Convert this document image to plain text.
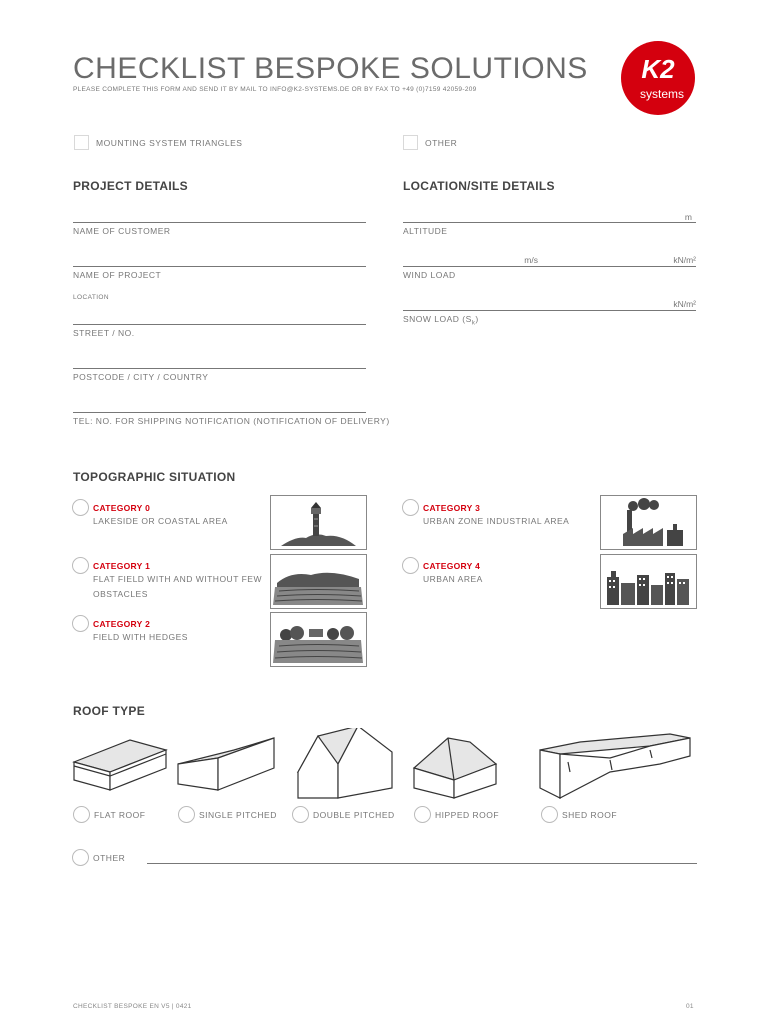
CHECKLIST BESPOKE SOLUTIONS
PLEASE COMPLETE THIS FORM AND SEND IT BY MAIL TO INFO@K2-SYSTEMS.DE OR BY FAX TO +49 (0)7159 42059-209
K2
systems
MOUNTING SYSTEM TRIANGLES	OTHER
PROJECT DETAILS
NAME OF CUSTOMER
NAME OF PROJECT
LOCATION
STREET / NO.
POSTCODE / CITY / COUNTRY
TEL: NO. FOR SHIPPING NOTIFICATION (NOTIFICATION OF DELIVERY)
LOCATION/SITE DETAILS
m
ALTITUDE
m/s	kN/m²
WIND LOAD
kN/m²
SNOW LOAD $(S_k)$
TOPOGRAPHIC SITUATION
CATEGORY 0
LAKESIDE OR COASTAL AREA
CATEGORY 1
FLAT FIELD WITH AND WITHOUT FEW OBSTACLES
CATEGORY 2
FIELD WITH HEDGES
CATEGORY 3
URBAN ZONE INDUSTRIAL AREA
CATEGORY 4
URBAN AREA
ROOF TYPE
FLAT ROOF	SINGLE PITCHED	DOUBLE PITCHED	HIPPED ROOF	SHED ROOF
OTHER
CHECKLIST BESPOKE EN V5 | 0421	01
